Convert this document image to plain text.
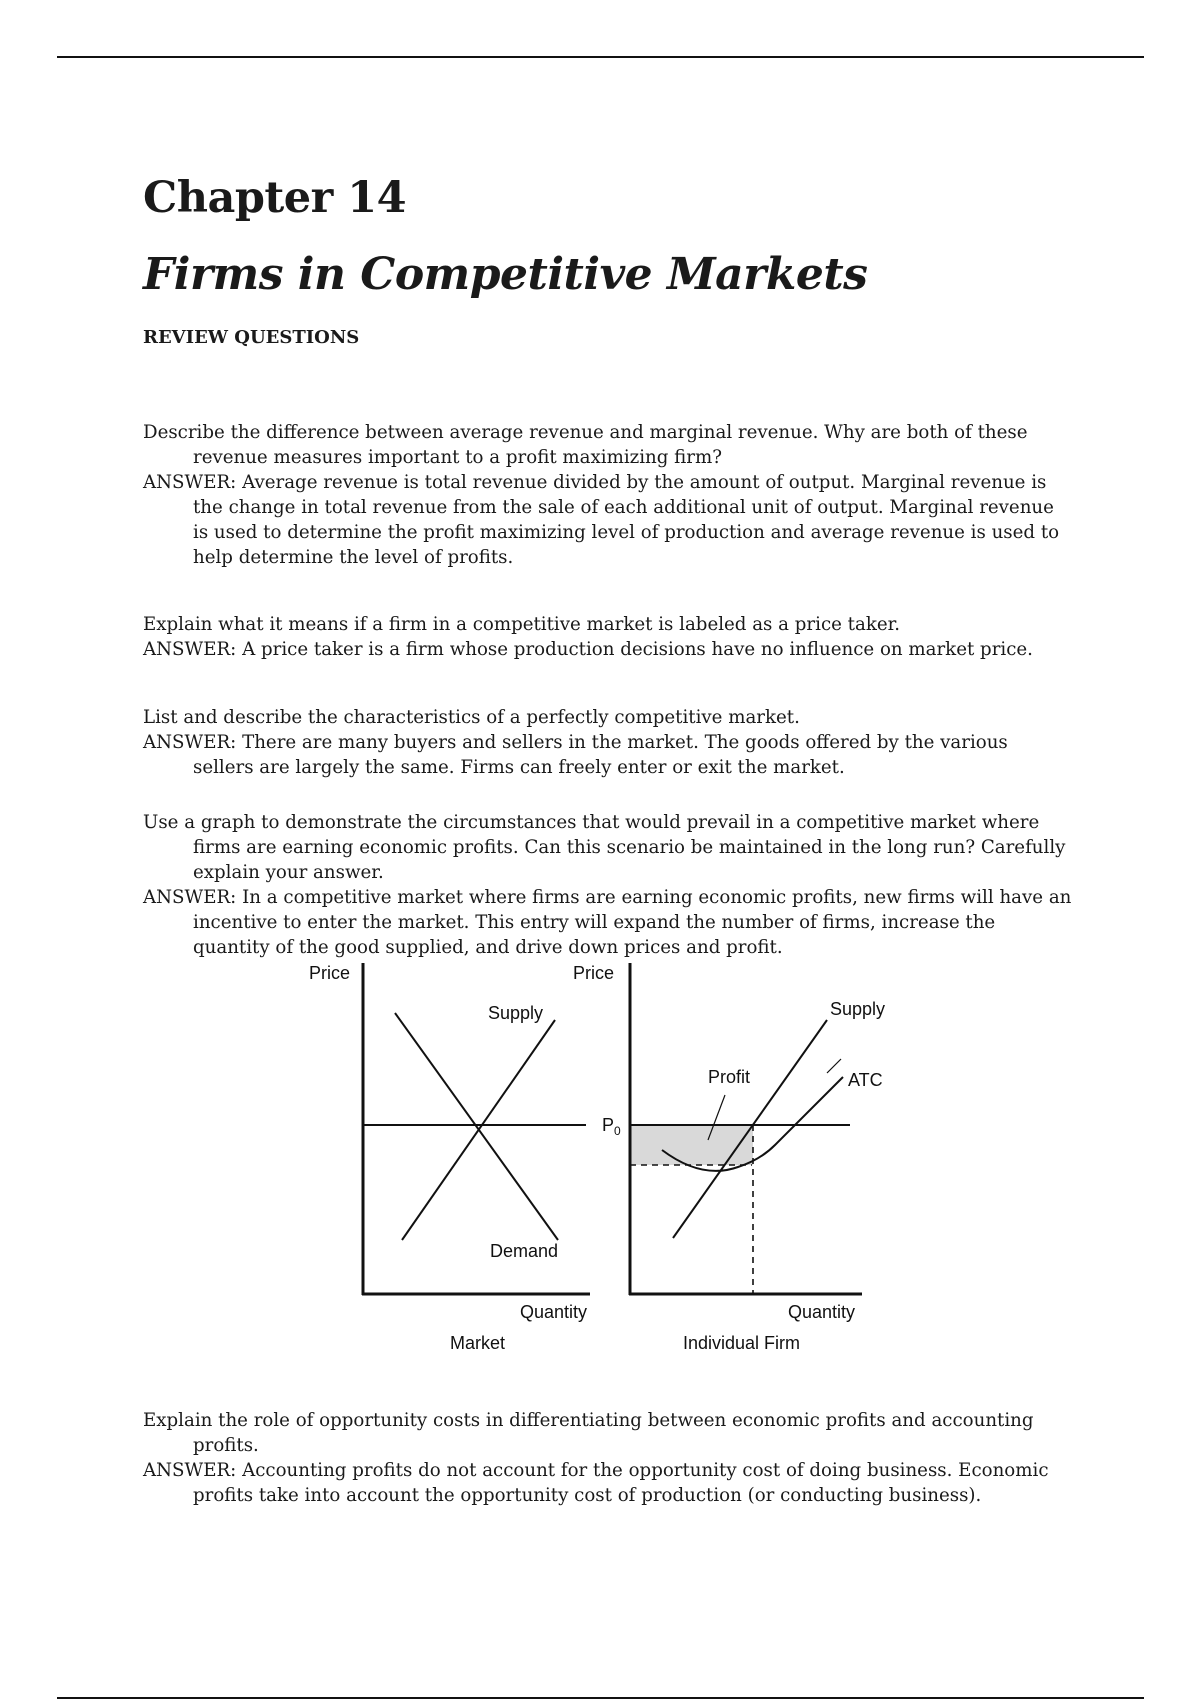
Chapter 14
Firms in Competitive Markets
REVIEW QUESTIONS

Describe the difference between average revenue and marginal revenue. Why are both of these revenue measures important to a profit maximizing firm?

ANSWER: Average revenue is total revenue divided by the amount of output. Marginal revenue is the change in total revenue from the sale of each additional unit of output. Marginal revenue is used to determine the profit maximizing level of production and average revenue is used to help determine the level of profits.

Explain what it means if a firm in a competitive market is labeled as a price taker.

ANSWER: A price taker is a firm whose production decisions have no influence on market price.

List and describe the characteristics of a perfectly competitive market.

ANSWER: There are many buyers and sellers in the market. The goods offered by the various sellers are largely the same. Firms can freely enter or exit the market.

Use a graph to demonstrate the circumstances that would prevail in a competitive market where firms are earning economic profits. Can this scenario be maintained in the long run? Carefully explain your answer.

ANSWER: In a competitive market where firms are earning economic profits, new firms will have an incentive to enter the market. This entry will expand the number of firms, increase the quantity of the good supplied, and drive down prices and profit.

Explain the role of opportunity costs in differentiating between economic profits and accounting profits.

ANSWER: Accounting profits do not account for the opportunity cost of doing business. Economic profits take into account the opportunity cost of production (or conducting business).

Price
Supply
Demand
Quantity
Market
Price
Supply
ATC
Profit
$P_0$
Quantity
Individual Firm
